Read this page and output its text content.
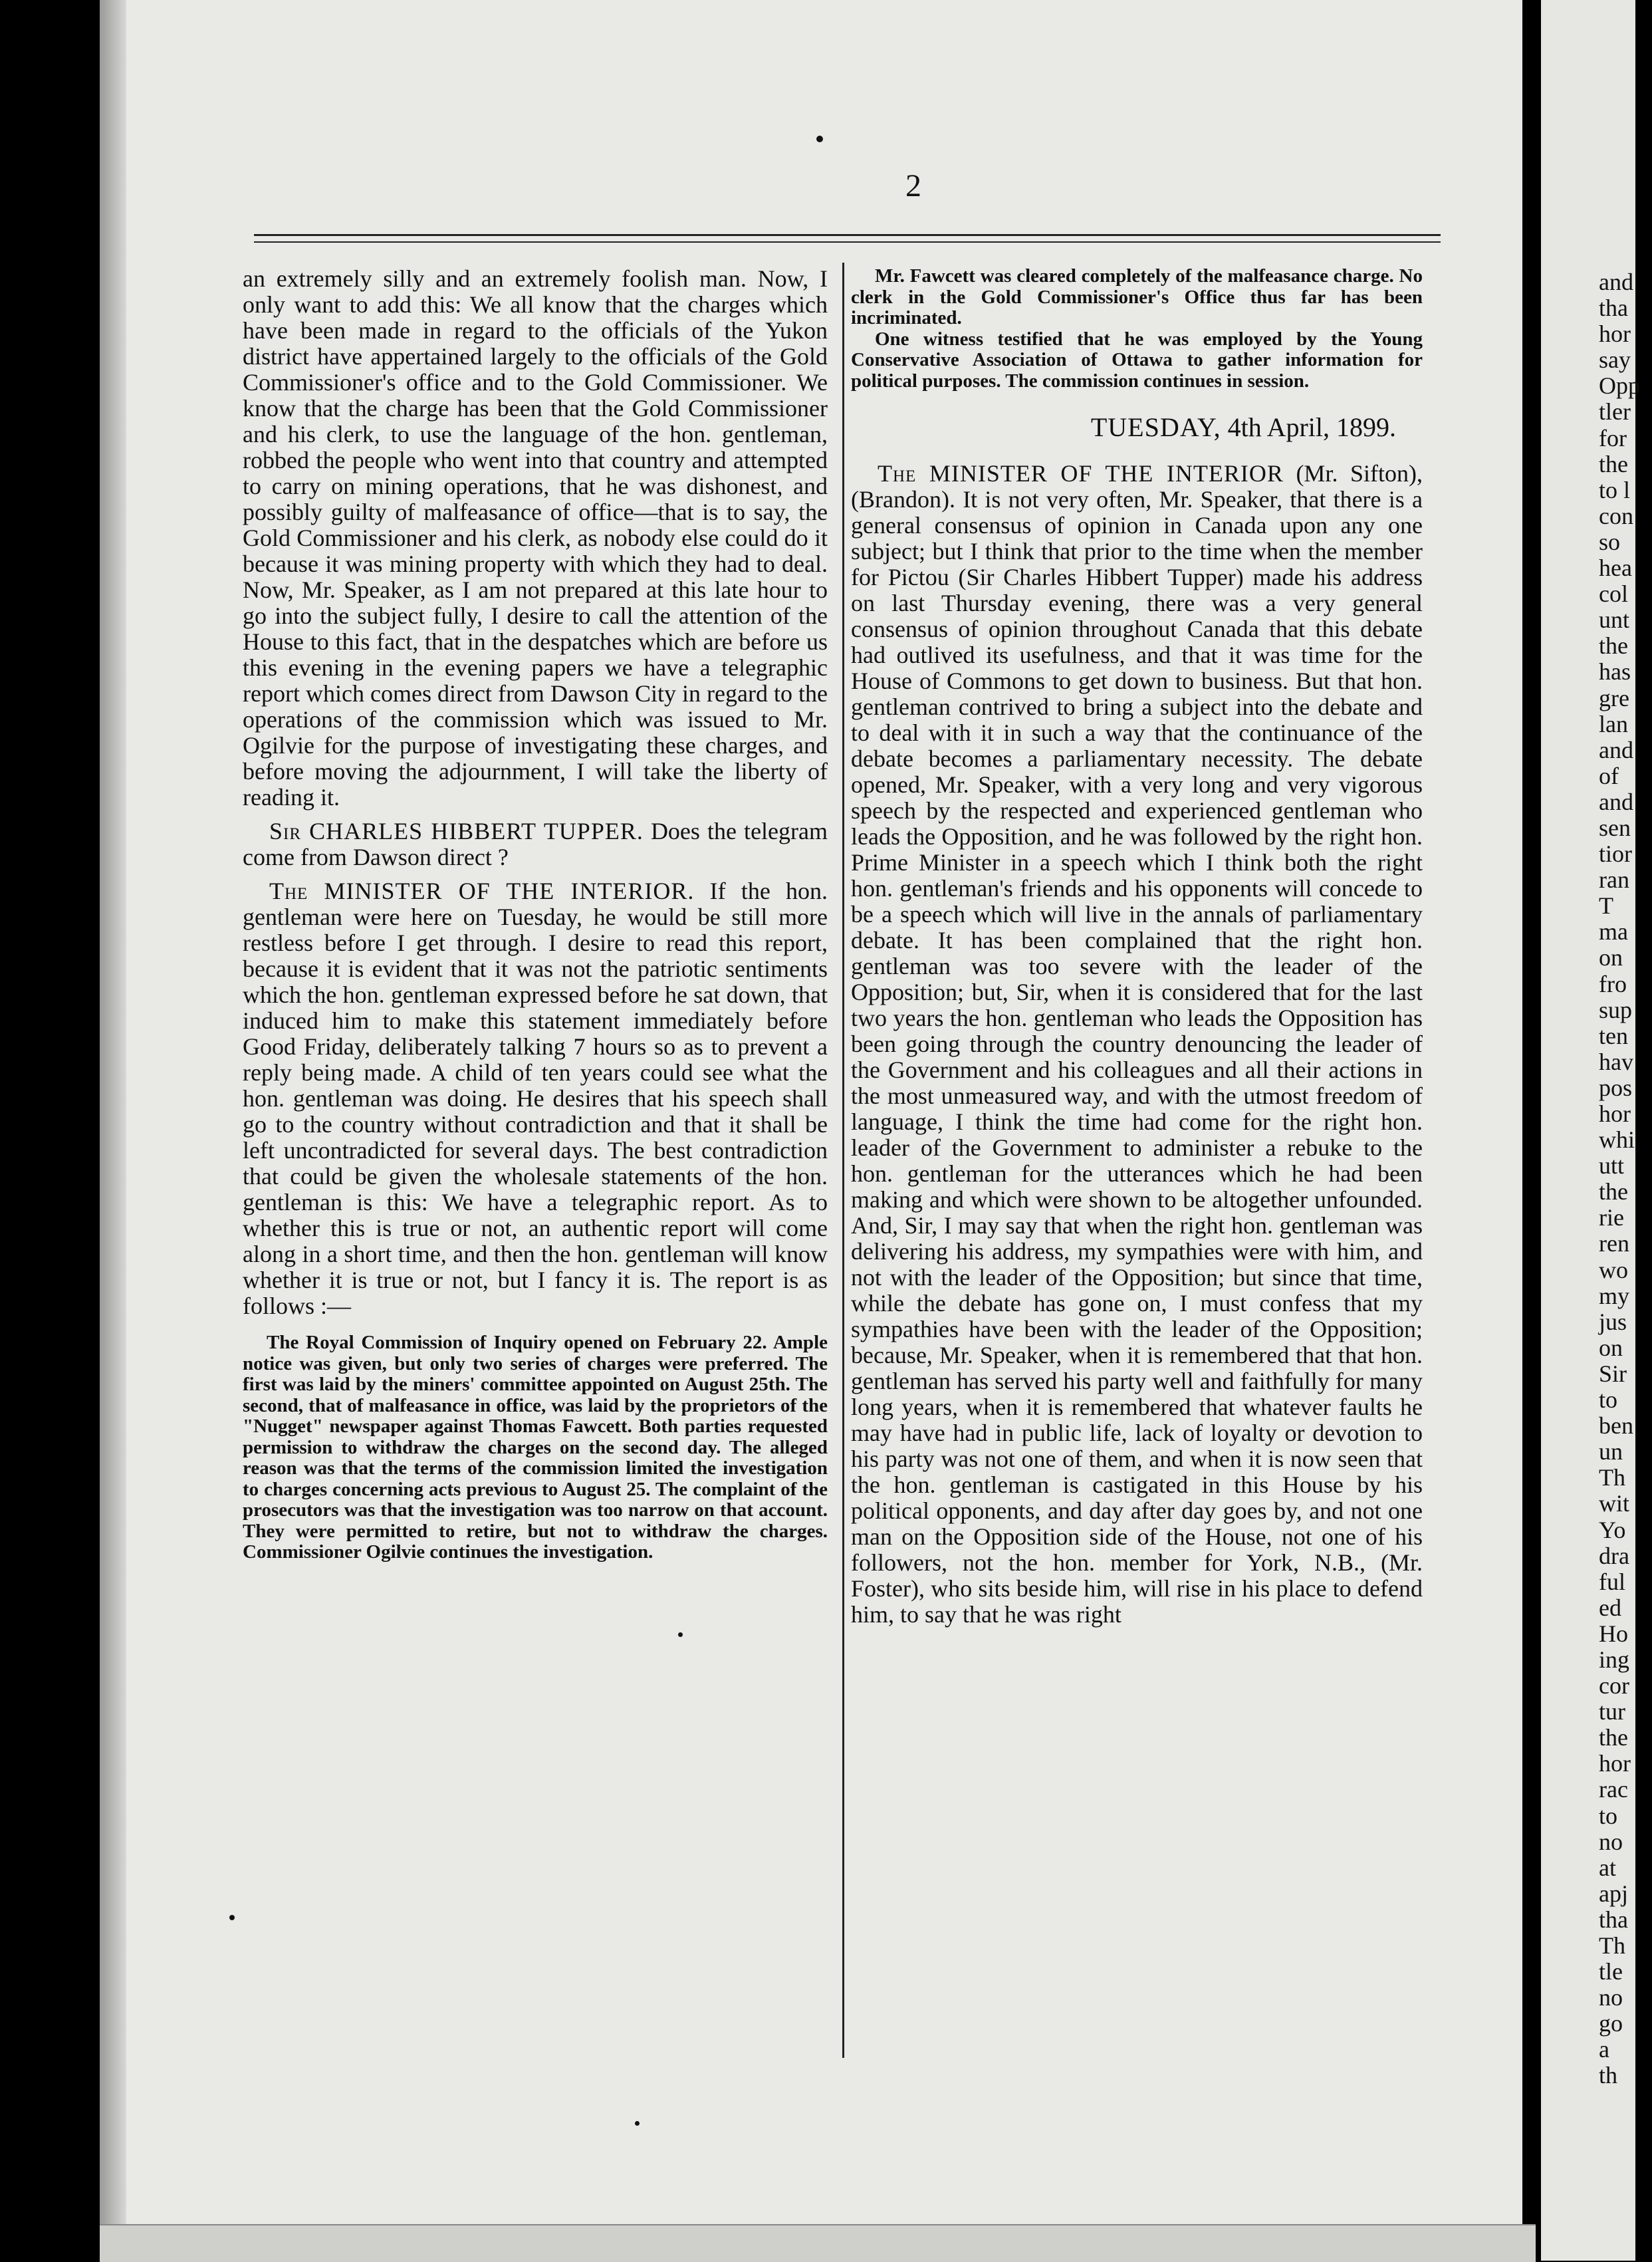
2

an extremely silly and an extremely foolish man. Now, I only want to add this: We all know that the charges which have been made in regard to the officials of the Yukon district have appertained largely to the officials of the Gold Commissioner's office and to the Gold Commissioner. We know that the charge has been that the Gold Commissioner and his clerk, to use the language of the hon. gentleman, robbed the people who went into that country and attempted to carry on mining operations, that he was dishonest, and possibly guilty of malfeasance of office—that is to say, the Gold Commissioner and his clerk, as nobody else could do it because it was mining property with which they had to deal. Now, Mr. Speaker, as I am not prepared at this late hour to go into the subject fully, I desire to call the attention of the House to this fact, that in the despatches which are before us this evening in the evening papers we have a telegraphic report which comes direct from Dawson City in regard to the operations of the commission which was issued to Mr. Ogilvie for the purpose of investigating these charges, and before moving the adjournment, I will take the liberty of reading it.

Sir CHARLES HIBBERT TUPPER. Does the telegram come from Dawson direct ?

The MINISTER OF THE INTERIOR. If the hon. gentleman were here on Tuesday, he would be still more restless before I get through. I desire to read this report, because it is evident that it was not the patriotic sentiments which the hon. gentleman expressed before he sat down, that induced him to make this statement immediately before Good Friday, deliberately talking 7 hours so as to prevent a reply being made. A child of ten years could see what the hon. gentleman was doing. He desires that his speech shall go to the country without contradiction and that it shall be left uncontradicted for several days. The best contradiction that could be given the wholesale statements of the hon. gentleman is this: We have a telegraphic report. As to whether this is true or not, an authentic report will come along in a short time, and then the hon. gentleman will know whether it is true or not, but I fancy it is. The report is as follows :—

The Royal Commission of Inquiry opened on February 22. Ample notice was given, but only two series of charges were preferred. The first was laid by the miners' committee appointed on August 25th. The second, that of malfeasance in office, was laid by the proprietors of the "Nugget" newspaper against Thomas Fawcett. Both parties requested permission to withdraw the charges on the second day. The alleged reason was that the terms of the commission limited the investigation to charges concerning acts previous to August 25. The complaint of the prosecutors was that the investigation was too narrow on that account. They were permitted to retire, but not to withdraw the charges. Commissioner Ogilvie continues the investigation.

Mr. Fawcett was cleared completely of the malfeasance charge. No clerk in the Gold Commissioner's Office thus far has been incriminated.

One witness testified that he was employed by the Young Conservative Association of Ottawa to gather information for political purposes. The commission continues in session.

TUESDAY, 4th April, 1899.

The MINISTER OF THE INTERIOR (Mr. Sifton), (Brandon). It is not very often, Mr. Speaker, that there is a general consensus of opinion in Canada upon any one subject; but I think that prior to the time when the member for Pictou (Sir Charles Hibbert Tupper) made his address on last Thursday evening, there was a very general consensus of opinion throughout Canada that this debate had outlived its usefulness, and that it was time for the House of Commons to get down to business. But that hon. gentleman contrived to bring a subject into the debate and to deal with it in such a way that the continuance of the debate becomes a parliamentary necessity. The debate opened, Mr. Speaker, with a very long and very vigorous speech by the respected and experienced gentleman who leads the Opposition, and he was followed by the right hon. Prime Minister in a speech which I think both the right hon. gentleman's friends and his opponents will concede to be a speech which will live in the annals of parliamentary debate. It has been complained that the right hon. gentleman was too severe with the leader of the Opposition; but, Sir, when it is considered that for the last two years the hon. gentleman who leads the Opposition has been going through the country denouncing the leader of the Government and his colleagues and all their actions in the most unmeasured way, and with the utmost freedom of language, I think the time had come for the right hon. leader of the Government to administer a rebuke to the hon. gentleman for the utterances which he had been making and which were shown to be altogether unfounded. And, Sir, I may say that when the right hon. gentleman was delivering his address, my sympathies were with him, and not with the leader of the Opposition; but since that time, while the debate has gone on, I must confess that my sympathies have been with the leader of the Opposition; because, Mr. Speaker, when it is remembered that that hon. gentleman has served his party well and faithfully for many long years, when it is remembered that whatever faults he may have had in public life, lack of loyalty or devotion to his party was not one of them, and when it is now seen that the hon. gentleman is castigated in this House by his political opponents, and day after day goes by, and not one man on the Opposition side of the House, not one of his followers, not the hon. member for York, N.B., (Mr. Foster), who sits beside him, will rise in his place to defend him, to say that he was right

and
tha
hor
say
Opp
tler
for
the
to l
con
so
hea
col
unt
the
has
gre
lan
and
of
and
sen
tior
ran
T
ma
on
fro
sup
ten
hav
pos
hor
whi
utt
the
rie
ren
wo
my
jus
on
Sir
to
ben
un
Th
wit
Yo
dra
ful
ed
Ho
ing
cor
tur
the
hor
rac
to
no
at
apj
tha
Th
tle
no
go
a
th
